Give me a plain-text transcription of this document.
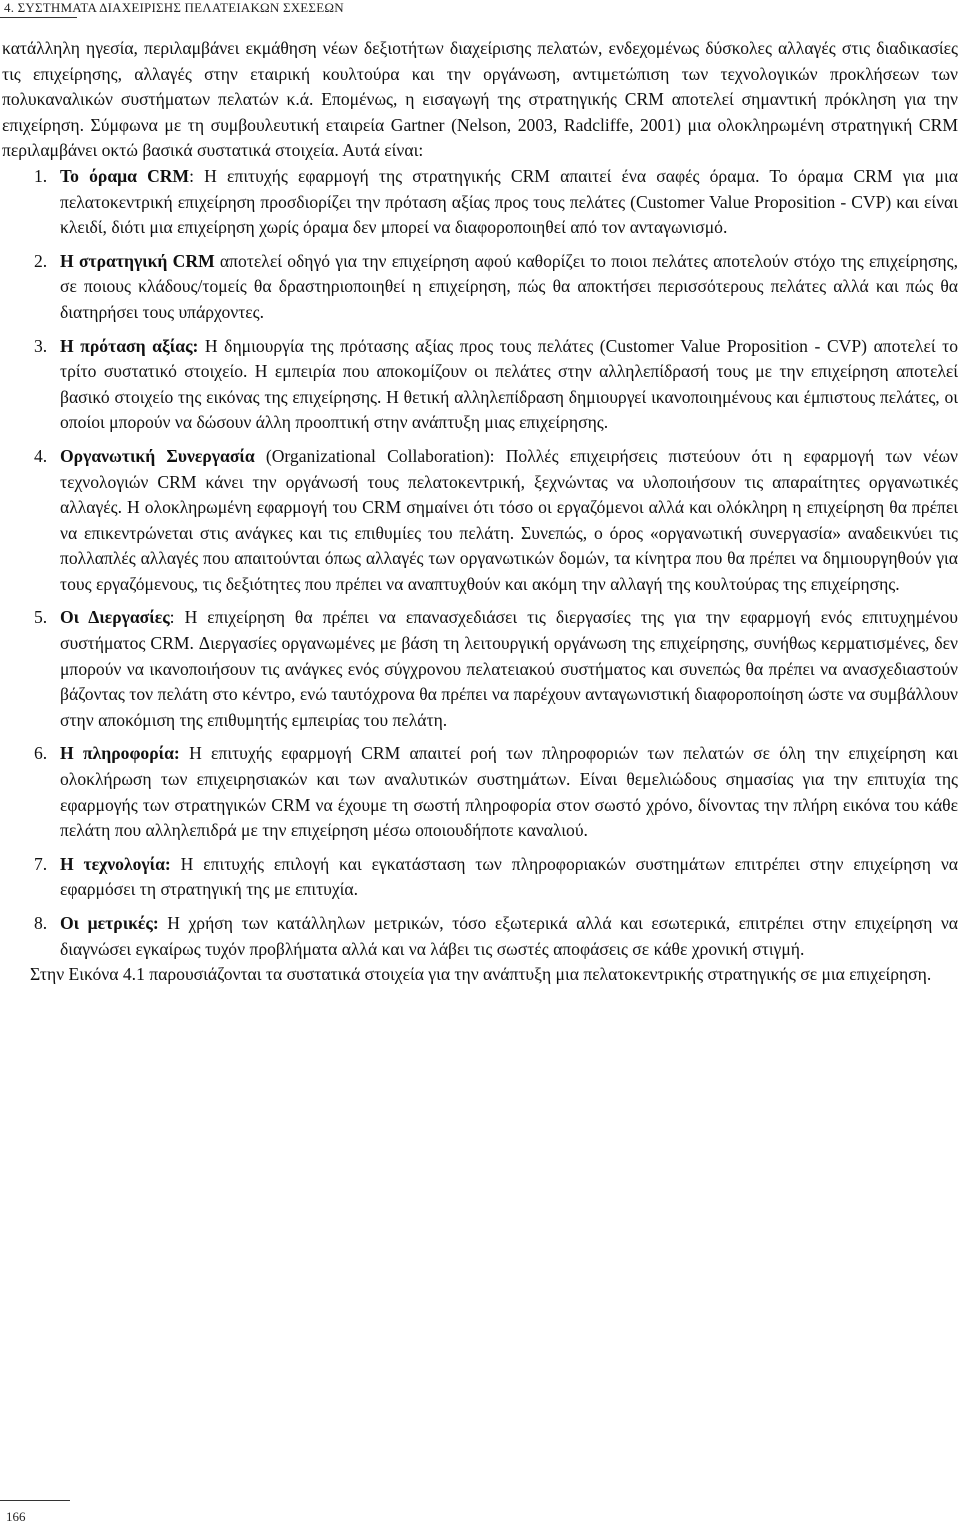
4. ΣΥΣΤΗΜΑΤΑ ΔΙΑΧΕΙΡΙΣΗΣ ΠΕΛΑΤΕΙΑΚΩΝ ΣΧΕΣΕΩΝ

κατάλληλη ηγεσία, περιλαμβάνει εκμάθηση νέων δεξιοτήτων διαχείρισης πελατών, ενδεχομένως δύσκολες αλλαγές στις διαδικασίες τις επιχείρησης, αλλαγές στην εταιρική κουλτούρα και την οργάνωση, αντιμετώπιση των τεχνολογικών προκλήσεων των πολυκαναλικών συστήματων πελατών κ.ά. Επομένως, η εισαγωγή της στρατηγικής CRM αποτελεί σημαντική πρόκληση για την επιχείρηση. Σύμφωνα με τη συμβουλευτική εταιρεία Gartner (Nelson, 2003, Radcliffe, 2001) μια ολοκληρωμένη στρατηγική CRM περιλαμβάνει οκτώ βασικά συστατικά στοιχεία. Αυτά είναι:

1. Το όραμα CRM: Η επιτυχής εφαρμογή της στρατηγικής CRM απαιτεί ένα σαφές όραμα. Το όραμα CRM για μια πελατοκεντρική επιχείρηση προσδιορίζει την πρόταση αξίας προς τους πελάτες (Customer Value Proposition - CVP) και είναι κλειδί, διότι μια επιχείρηση χωρίς όραμα δεν μπορεί να διαφοροποιηθεί από τον ανταγωνισμό.
2. Η στρατηγική CRM αποτελεί οδηγό για την επιχείρηση αφού καθορίζει το ποιοι πελάτες αποτελούν στόχο της επιχείρησης, σε ποιους κλάδους/τομείς θα δραστηριοποιηθεί η επιχείρηση, πώς θα αποκτήσει περισσότερους πελάτες αλλά και πώς θα διατηρήσει τους υπάρχοντες.
3. Η πρόταση αξίας: Η δημιουργία της πρότασης αξίας προς τους πελάτες (Customer Value Proposition - CVP) αποτελεί το τρίτο συστατικό στοιχείο. Η εμπειρία που αποκομίζουν οι πελάτες στην αλληλεπίδρασή τους με την επιχείρηση αποτελεί βασικό στοιχείο της εικόνας της επιχείρησης. Η θετική αλληλεπίδραση δημιουργεί ικανοποιημένους και έμπιστους πελάτες, οι οποίοι μπορούν να δώσουν άλλη προοπτική στην ανάπτυξη μιας επιχείρησης.
4. Οργανωτική Συνεργασία (Organizational Collaboration): Πολλές επιχειρήσεις πιστεύουν ότι η εφαρμογή των νέων τεχνολογιών CRM κάνει την οργάνωσή τους πελατοκεντρική, ξεχνώντας να υλοποιήσουν τις απαραίτητες οργανωτικές αλλαγές. Η ολοκληρωμένη εφαρμογή του CRM σημαίνει ότι τόσο οι εργαζόμενοι αλλά και ολόκληρη η επιχείρηση θα πρέπει να επικεντρώνεται στις ανάγκες και τις επιθυμίες του πελάτη. Συνεπώς, ο όρος «οργανωτική συνεργασία» αναδεικνύει τις πολλαπλές αλλαγές που απαιτούνται όπως αλλαγές των οργανωτικών δομών, τα κίνητρα που θα πρέπει να δημιουργηθούν για τους εργαζόμενους, τις δεξιότητες που πρέπει να αναπτυχθούν και ακόμη την αλλαγή της κουλτούρας της επιχείρησης.
5. Οι Διεργασίες: Η επιχείρηση θα πρέπει να επανασχεδιάσει τις διεργασίες της για την εφαρμογή ενός επιτυχημένου συστήματος CRM. Διεργασίες οργανωμένες με βάση τη λειτουργική οργάνωση της επιχείρησης, συνήθως κερματισμένες, δεν μπορούν να ικανοποιήσουν τις ανάγκες ενός σύγχρονου πελατειακού συστήματος και συνεπώς θα πρέπει να ανασχεδιαστούν βάζοντας τον πελάτη στο κέντρο, ενώ ταυτόχρονα θα πρέπει να παρέχουν ανταγωνιστική διαφοροποίηση ώστε να συμβάλλουν στην αποκόμιση της επιθυμητής εμπειρίας του πελάτη.
6. Η πληροφορία: Η επιτυχής εφαρμογή CRM απαιτεί ροή των πληροφοριών των πελατών σε όλη την επιχείρηση και ολοκλήρωση των επιχειρησιακών και των αναλυτικών συστημάτων. Είναι θεμελιώδους σημασίας για την επιτυχία της εφαρμογής των στρατηγικών CRM να έχουμε τη σωστή πληροφορία στον σωστό χρόνο, δίνοντας την πλήρη εικόνα του κάθε πελάτη που αλληλεπιδρά με την επιχείρηση μέσω οποιουδήποτε καναλιού.
7. Η τεχνολογία: Η επιτυχής επιλογή και εγκατάσταση των πληροφοριακών συστημάτων επιτρέπει στην επιχείρηση να εφαρμόσει τη στρατηγική της με επιτυχία.
8. Οι μετρικές: Η χρήση των κατάλληλων μετρικών, τόσο εξωτερικά αλλά και εσωτερικά, επιτρέπει στην επιχείρηση να διαγνώσει εγκαίρως τυχόν προβλήματα αλλά και να λάβει τις σωστές αποφάσεις σε κάθε χρονική στιγμή.

Στην Εικόνα 4.1 παρουσιάζονται τα συστατικά στοιχεία για την ανάπτυξη μια πελατοκεντρικής στρατηγικής σε μια επιχείρηση.

166
